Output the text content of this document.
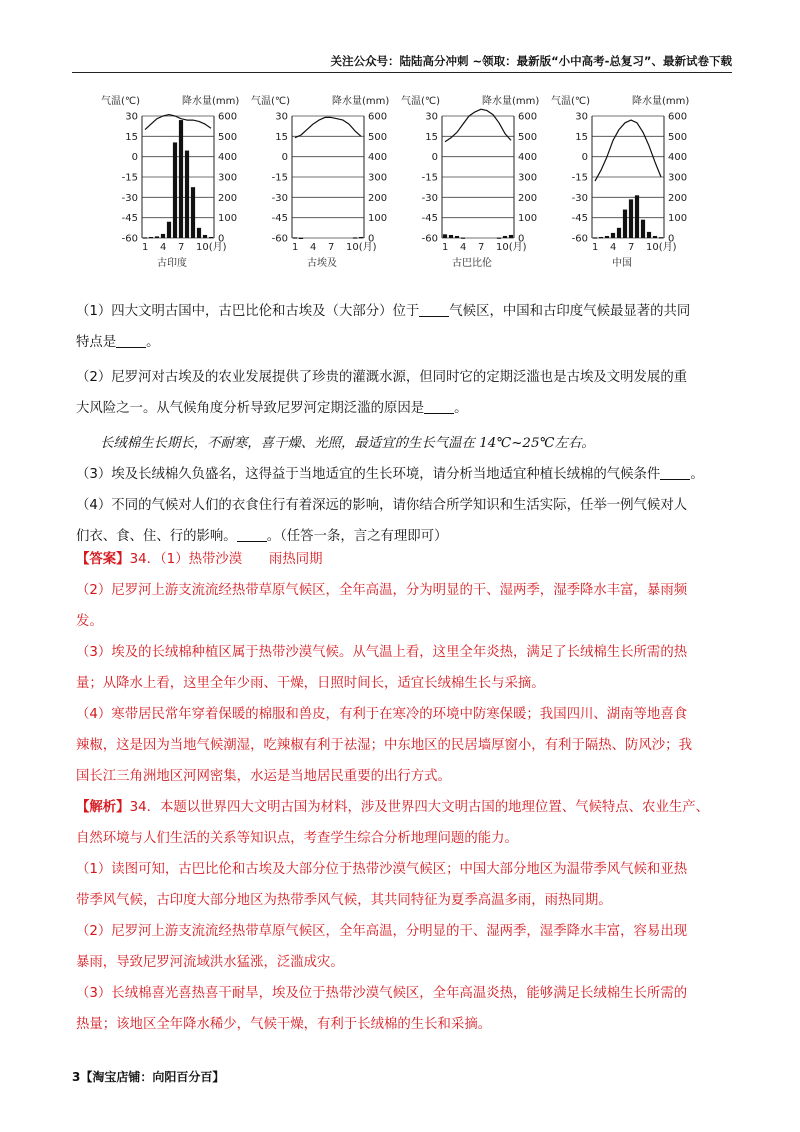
关注公众号：陆陆高分冲刺 ~领取：最新版“小中高考-总复习”、最新试卷下载
气温(℃)	降水量(mm)
30
15
0
-15
-30
-45
-60
600
500
400
300
200
100
0
1 4 7 10(月)
古印度
气温(℃)	降水量(mm)
30
15
0
-15
-30
-45
-60
600
500
400
300
200
100
0
1 4 7 10(月)
古埃及
气温(℃)	降水量(mm)
30
15
0
-15
-30
-45
-60
600
500
400
300
200
100
0
1 4 7 10(月)
古巴比伦
气温(℃)	降水量(mm)
30
15
0
-15
-30
-45
-60
600
500
400
300
200
100
0
1 4 7 10(月)
中国

（1）四大文明古国中，古巴比伦和古埃及（大部分）位于 气候区，中国和古印度气候最显著的共同

特点是 。

（2）尼罗河对古埃及的农业发展提供了珍贵的灌溉水源，但同时它的定期泛滥也是古埃及文明发展的重

大风险之一。从气候角度分析导致尼罗河定期泛滥的原因是 。

长绒棉生长期长，不耐寒，喜干燥、光照，最适宜的生长气温在 14℃~25℃左右。

（3）埃及长绒棉久负盛名，这得益于当地适宜的生长环境，请分析当地适宜种植长绒棉的气候条件 。

（4）不同的气候对人们的衣食住行有着深远的影响，请你结合所学知识和生活实际，任举一例气候对人

们衣、食、住、行的影响。 。（任答一条，言之有理即可）

【答案】34．（1）热带沙漠　　雨热同期

（2）尼罗河上游支流流经热带草原气候区，全年高温，分为明显的干、湿两季，湿季降水丰富，暴雨频

发。

（3）埃及的长绒棉种植区属于热带沙漠气候。从气温上看，这里全年炎热，满足了长绒棉生长所需的热

量；从降水上看，这里全年少雨、干燥，日照时间长，适宜长绒棉生长与采摘。

（4）寒带居民常年穿着保暖的棉服和兽皮，有利于在寒冷的环境中防寒保暖；我国四川、湖南等地喜食

辣椒，这是因为当地气候潮湿，吃辣椒有利于祛湿；中东地区的民居墙厚窗小，有利于隔热、防风沙；我

国长江三角洲地区河网密集，水运是当地居民重要的出行方式。

【解析】34．本题以世界四大文明古国为材料，涉及世界四大文明古国的地理位置、气候特点、农业生产、

自然环境与人们生活的关系等知识点，考查学生综合分析地理问题的能力。

（1）读图可知，古巴比伦和古埃及大部分位于热带沙漠气候区；中国大部分地区为温带季风气候和亚热

带季风气候，古印度大部分地区为热带季风气候，其共同特征为夏季高温多雨，雨热同期。

（2）尼罗河上游支流流经热带草原气候区，全年高温，分明显的干、湿两季，湿季降水丰富，容易出现

暴雨，导致尼罗河流域洪水猛涨，泛滥成灾。

（3）长绒棉喜光喜热喜干耐旱，埃及位于热带沙漠气候区，全年高温炎热，能够满足长绒棉生长所需的

热量；该地区全年降水稀少，气候干燥，有利于长绒棉的生长和采摘。

3【淘宝店铺：向阳百分百】
